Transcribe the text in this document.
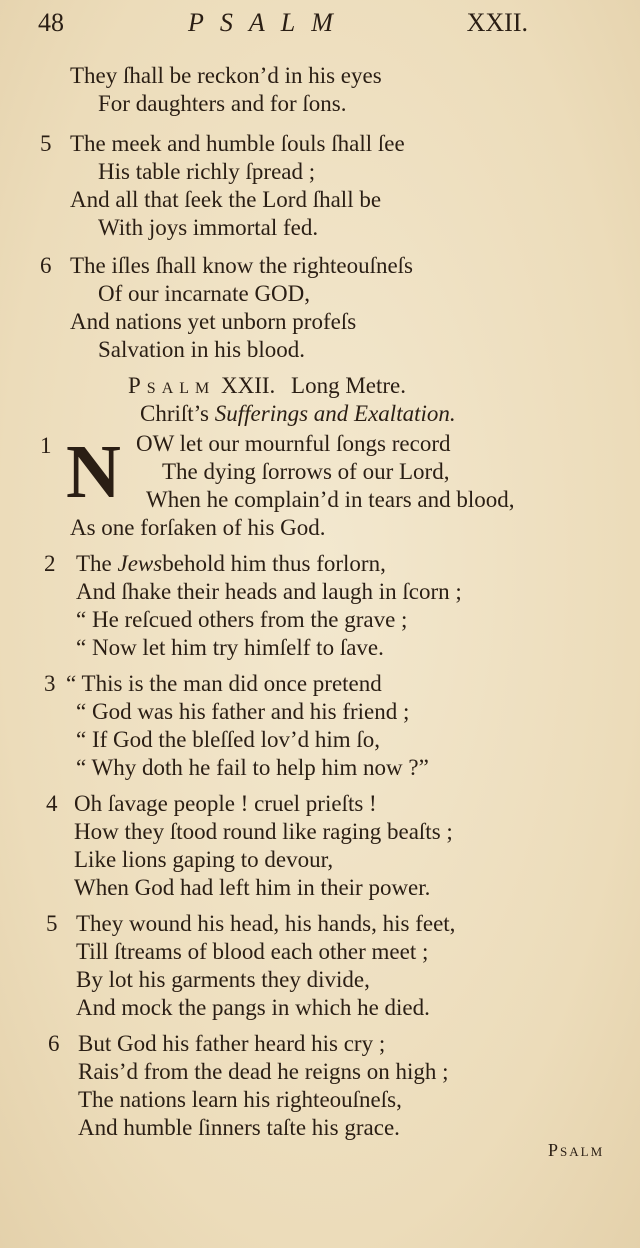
48	PSALM	XXII.
They ſhall be reckon’d in his eyes
For daughters and for ſons.
5 The meek and humble ſouls ſhall ſee
His table richly ſpread ;
And all that ſeek the Lord ſhall be
With joys immortal fed.
6 The iſles ſhall know the righteouſneſs
Of our incarnate GOD,
And nations yet unborn profeſs
Salvation in his blood.
Psalm XXII. Long Metre.
Chriſt’s Sufferings and Exaltation.
1 N OW let our mournful ſongs record
The dying ſorrows of our Lord,
When he complain’d in tears and blood,
As one forſaken of his God.
2 The Jewsbehold him thus forlorn,
And ſhake their heads and laugh in ſcorn ;
“ He reſcued others from the grave ;
“ Now let him try himſelf to ſave.
3 “ This is the man did once pretend
“ God was his father and his friend ;
“ If God the bleſſed lov’d him ſo,
“ Why doth he fail to help him now ?”
4 Oh ſavage people ! cruel prieſts !
How they ſtood round like raging beaſts ;
Like lions gaping to devour,
When God had left him in their power.
5 They wound his head, his hands, his feet,
Till ſtreams of blood each other meet ;
By lot his garments they divide,
And mock the pangs in which he died.
6 But God his father heard his cry ;
Rais’d from the dead he reigns on high ;
The nations learn his righteouſneſs,
And humble ſinners taſte his grace.
Psalm
